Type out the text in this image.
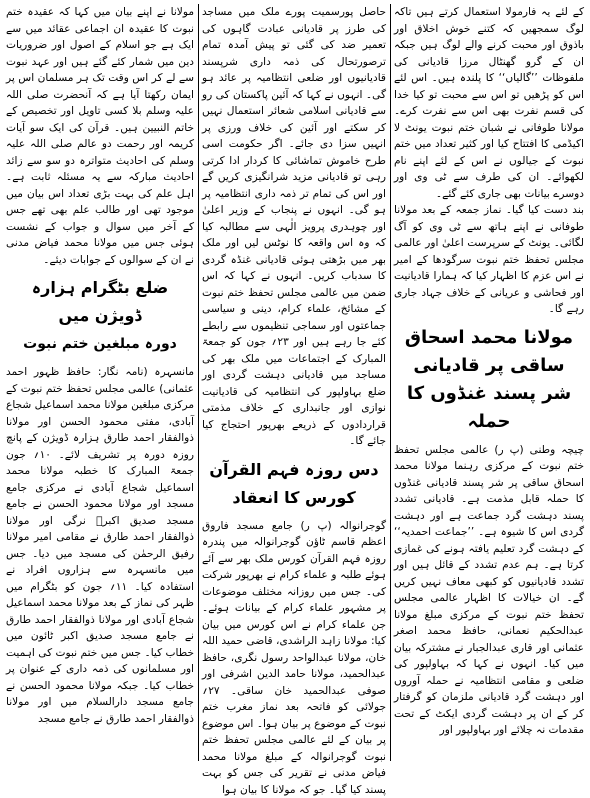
کے لئے یہ فارمولا استعمال کرتے ہیں تاکہ لوگ سمجھیں کہ کتنے خوش اخلاق اور باذوق اور محبت کرنے والے لوگ ہیں جبکہ ان کے گرو گھنٹال مرزا قادیانی کی ملفوظات ’’گالیاں‘‘ کا پلندہ ہیں۔ اس لئے اس کو پڑھیں تو اس سے محبت تو کیا خدا کی قسم نفرت بھی اس سے نفرت کرے۔ مولانا طوفانی نے شبان ختم نبوت یونٹ لا اکیڈمی کا افتتاح کیا اور کثیر تعداد میں ختم نبوت کے جیالوں نے اس کے لئے اپنے نام لکھوائے۔ ان کی طرف سے ٹی وی اور دوسرے بیانات بھی جاری کئے گئے۔

بند دست کیا گیا۔ نماز جمعہ کے بعد مولانا طوفانی نے اپنے ہاتھ سے ٹی وی کو آگ لگائی۔ یونٹ کے سرپرست اعلیٰ اور عالمی مجلس تحفظ ختم نبوت سرگودھا کے امیر نے اس عزم کا اظہار کیا کہ ہمارا قادیانیت اور فحاشی و عریانی کے خلاف جہاد جاری رہے گا۔

مولانا محمد اسحاق ساقی پر قادیانی
شر پسند غنڈوں کا حملہ

چیچہ وطنی (پ ر) عالمی مجلس تحفظ ختم نبوت کے مرکزی رہنما مولانا محمد اسحاق ساقی پر شر پسند قادیانی غنڈوں کا حملہ قابل مذمت ہے۔ قادیانی تشدد پسند دہشت گرد جماعت ہے اور دہشت گردی اس کا شیوہ ہے۔ ’’جماعت احمدیہ‘‘ کے دہشت گرد تعلیم یافتہ ہونے کی غمازی کرتا ہے۔ ہم عدم تشدد کے قائل ہیں اور تشدد قادیانیوں کو کبھی معاف نہیں کریں گے۔ ان خیالات کا اظہار عالمی مجلس تحفظ ختم نبوت کے مرکزی مبلغ مولانا عبدالحکیم نعمانی، حافظ محمد اصغر عثمانی اور قاری عبدالجبار نے مشترکہ بیان میں کیا۔ انہوں نے کہا کہ بہاولپور کی ضلعی و مقامی انتظامیہ نے حملہ آوروں اور دہشت گرد قادیانی ملزمان کو گرفتار کر کے ان پر دہشت گردی ایکٹ کے تحت مقدمات نہ چلائے اور بہاولپور اور

حاصل پورسمیت پورے ملک میں مساجد کی طرز پر قادیانی عبادت گاہوں کی تعمیر ضد کی گئی تو پیش آمدہ تمام ترصورتحال کی ذمہ داری شرپسند قادیانیوں اور ضلعی انتظامیہ پر عائد ہو گی۔ انہوں نے کہا کہ آئین پاکستان کی رو سے قادیانی اسلامی شعائر استعمال نہیں کر سکتے اور آئین کی خلاف ورزی پر انہیں سزا دی جائے۔ اگر حکومت اسی طرح خاموش تماشائی کا کردار ادا کرتی رہی تو قادیانی مزید شرانگیزی کریں گے اور اس کی تمام تر ذمہ داری انتظامیہ پر ہو گی۔ انہوں نے پنجاب کے وزیر اعلیٰ اور چوہدری پرویز الٰہی سے مطالبہ کیا کہ وہ اس واقعہ کا نوٹس لیں اور ملک بھر میں بڑھتی ہوئی قادیانی غنڈہ گردی کا سدباب کریں۔ انہوں نے کہا کہ اس ضمن میں عالمی مجلس تحفظ ختم نبوت کے مشائخ، علماء کرام، دینی و سیاسی جماعتوں اور سماجی تنظیموں سے رابطے کئے جا رہے ہیں اور ۲۳؍ جون کو جمعۃ المبارک کے اجتماعات میں ملک بھر کی مساجد میں قادیانی دہشت گردی اور ضلع بہاولپور کی انتظامیہ کی قادیانیت نوازی اور جانبداری کے خلاف مذمتی قراردادوں کے ذریعے بھرپور احتجاج کیا جائے گا۔

دس روزہ فہم القرآن کورس کا انعقاد

گوجرانوالہ (پ ر) جامع مسجد فاروق اعظم قاسم ٹاؤن گوجرانوالہ میں پندرہ روزہ فہم القرآن کورس ملک بھر سے آئے ہوئے طلبہ و علماء کرام نے بھرپور شرکت کی۔ جس میں روزانہ مختلف موضوعات پر مشہور علماء کرام کے بیانات ہوئے۔ جن علماء کرام نے اس کورس میں بیان کیا: مولانا زاہد الراشدی، قاضی حمید اللہ خان، مولانا عبدالواحد رسول نگری، حافظ عبدالحمید، مولانا حامد الدین اشرفی اور صوفی عبدالحمید خان ساقی۔ ۲۷؍ جولائی کو فاتحہ بعد نماز مغرب ختم نبوت کے موضوع پر بیان ہوا۔ اس موضوع پر بیان کے لئے عالمی مجلس تحفظ ختم نبوت گوجرانوالہ کے مبلغ مولانا محمد فیاض مدنی نے تقریر کی جس کو بہت پسند کیا گیا۔ جو کہ مولانا کا بیان ہوا

مولانا نے اپنے بیان میں کہا کہ عقیدہ ختم نبوت کا عقیدہ ان اجماعی عقائد میں سے ایک ہے جو اسلام کے اصول اور ضروریات دین میں شمار کئے گئے ہیں اور عہد نبوت سے لے کر اس وقت تک ہر مسلمان اس پر ایمان رکھتا آیا ہے کہ آنحضرت صلی اللہ علیہ وسلم بلا کسی تاویل اور تخصیص کے خاتم النبیین ہیں۔ قرآن کی ایک سو آیات کریمہ اور رحمت دو عالم صلی اللہ علیہ وسلم کی احادیث متواترہ دو سو سے زائد احادیث مبارکہ سے یہ مسئلہ ثابت ہے۔ اہل علم کی بہت بڑی تعداد اس بیان میں موجود تھی اور طالب علم بھی تھے جس کے آخر میں سوال و جواب کے نشست ہوئی جس میں مولانا محمد فیاض مدنی نے ان کے سوالوں کے جوابات دیئے۔

ضلع بٹگرام ہزارہ ڈویژن میں
دورہ مبلغین ختم نبوت

مانسہرہ (نامہ نگار: حافظ ظہور احمد عثمانی) عالمی مجلس تحفظ ختم نبوت کے مرکزی مبلغین مولانا محمد اسماعیل شجاع آبادی، مفتی محمود الحسن اور مولانا ذوالفقار احمد طارق ہزارہ ڈویژن کے پانچ روزہ دورہ پر تشریف لائے۔ ۱۰؍ جون جمعۃ المبارک کا خطبہ مولانا محمد اسماعیل شجاع آبادی نے مرکزی جامع مسجد اور مولانا محمود الحسن نے جامع مسجد صدیق اکبرؓ نرگی اور مولانا ذوالفقار احمد طارق نے مقامی امیر مولانا رفیق الرحمٰن کی مسجد میں دیا۔ جس میں مانسہرہ سے ہزاروں افراد نے استفادہ کیا۔ ۱۱؍ جون کو بٹگرام میں ظہر کی نماز کے بعد مولانا محمد اسماعیل شجاع آبادی اور مولانا ذوالفقار احمد طارق نے جامع مسجد صدیق اکبر ٹائون میں خطاب کیا۔ جس میں ختم نبوت کی اہمیت اور مسلمانوں کی ذمہ داری کے عنوان پر خطاب کیا۔ جبکہ مولانا محمود الحسن نے جامع مسجد دارالسلام میں اور مولانا ذوالفقار احمد طارق نے جامع مسجد
